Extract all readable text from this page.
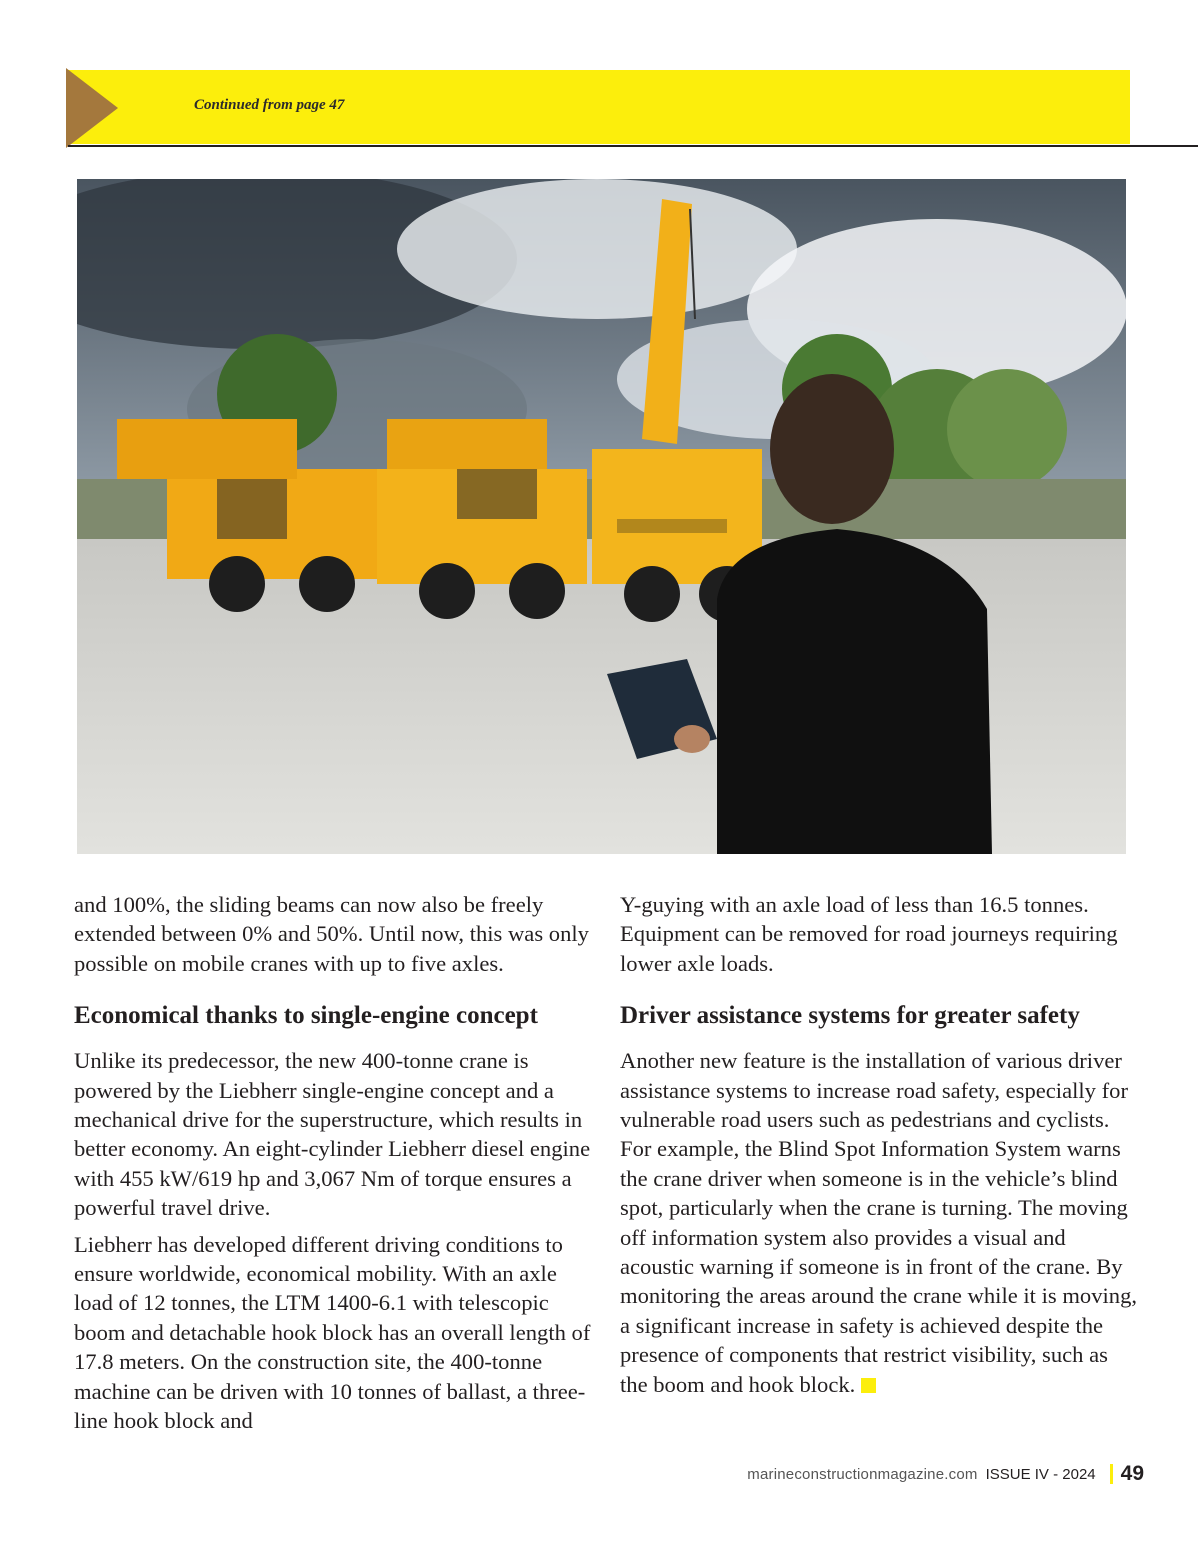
Continued from page 47

and 100%, the sliding beams can now also be freely extended between 0% and 50%. Until now, this was only possible on mobile cranes with up to five axles.

Economical thanks to single-engine concept

Unlike its predecessor, the new 400-tonne crane is powered by the Liebherr single-engine concept and a mechanical drive for the superstructure, which results in better economy. An eight-cylinder Liebherr diesel engine with 455 kW/619 hp and 3,067 Nm of torque ensures a powerful travel drive.

Liebherr has developed different driving conditions to ensure worldwide, economical mobility. With an axle load of 12 tonnes, the LTM 1400-6.1 with telescopic boom and detachable hook block has an overall length of 17.8 meters. On the construction site, the 400-tonne machine can be driven with 10 tonnes of ballast, a three-line hook block and

Y-guying with an axle load of less than 16.5 tonnes. Equipment can be removed for road journeys requiring lower axle loads.

Driver assistance systems for greater safety

Another new feature is the installation of various driver assistance systems to increase road safety, especially for vulnerable road users such as pedestrians and cyclists. For example, the Blind Spot Information System warns the crane driver when someone is in the vehicle’s blind spot, particularly when the crane is turning. The moving off information system also provides a visual and acoustic warning if someone is in front of the crane. By monitoring the areas around the crane while it is moving, a significant increase in safety is achieved despite the presence of components that restrict visibility, such as the boom and hook block.

marineconstructionmagazine.com ISSUE IV - 2024 49
